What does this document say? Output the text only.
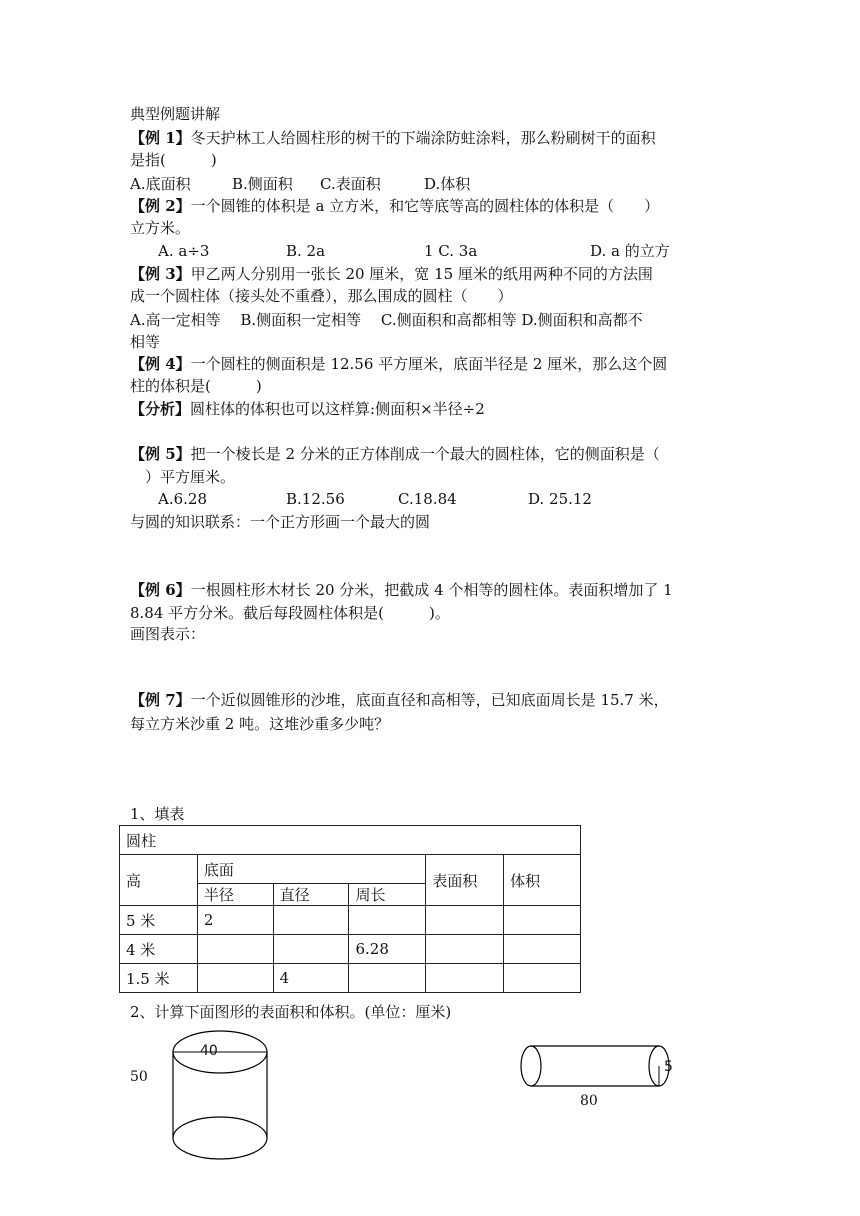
典型例题讲解
【例 1】冬天护林工人给圆柱形的树干的下端涂防蛀涂料，那么粉刷树干的面积
是指(　　　)
A.底面积	B.侧面积 C.表面积	D.体积
【例 2】一个圆锥的体积是 a 立方米，和它等底等高的圆柱体的体积是（　　）
立方米。
A. a÷3	B. 2a	1 C. 3a	D. a 的立方
【例 3】甲乙两人分别用一张长 20 厘米，宽 15 厘米的纸用两种不同的方法围
成一个圆柱体（接头处不重叠），那么围成的圆柱（　　）
A.高一定相等　 B.侧面积一定相等　 C.侧面积和高都相等 D.侧面积和高都不
相等
【例 4】一个圆柱的侧面积是 12.56 平方厘米，底面半径是 2 厘米，那么这个圆
柱的体积是(　　　)
【分析】圆柱体的体积也可以这样算:侧面积×半径÷2
【例 5】把一个棱长是 2 分米的正方体削成一个最大的圆柱体，它的侧面积是（
　）平方厘米。
A.6.28	B.12.56	C.18.84	D. 25.12
与圆的知识联系：一个正方形画一个最大的圆
【例 6】一根圆柱形木材长 20 分米，把截成 4 个相等的圆柱体。表面积增加了 1
8.84 平方分米。截后每段圆柱体积是(　　　)。
画图表示：
【例 7】一个近似圆锥形的沙堆，底面直径和高相等，已知底面周长是 15.7 米，
每立方米沙重 2 吨。这堆沙重多少吨？
1、填表
圆柱					
高	底面			表面积	体积
	半径	直径	周长		
5 米	2				
4 米			6.28		
1.5 米		4			
2、计算下面图形的表面积和体积。(单位：厘米)
40
50
5
80
